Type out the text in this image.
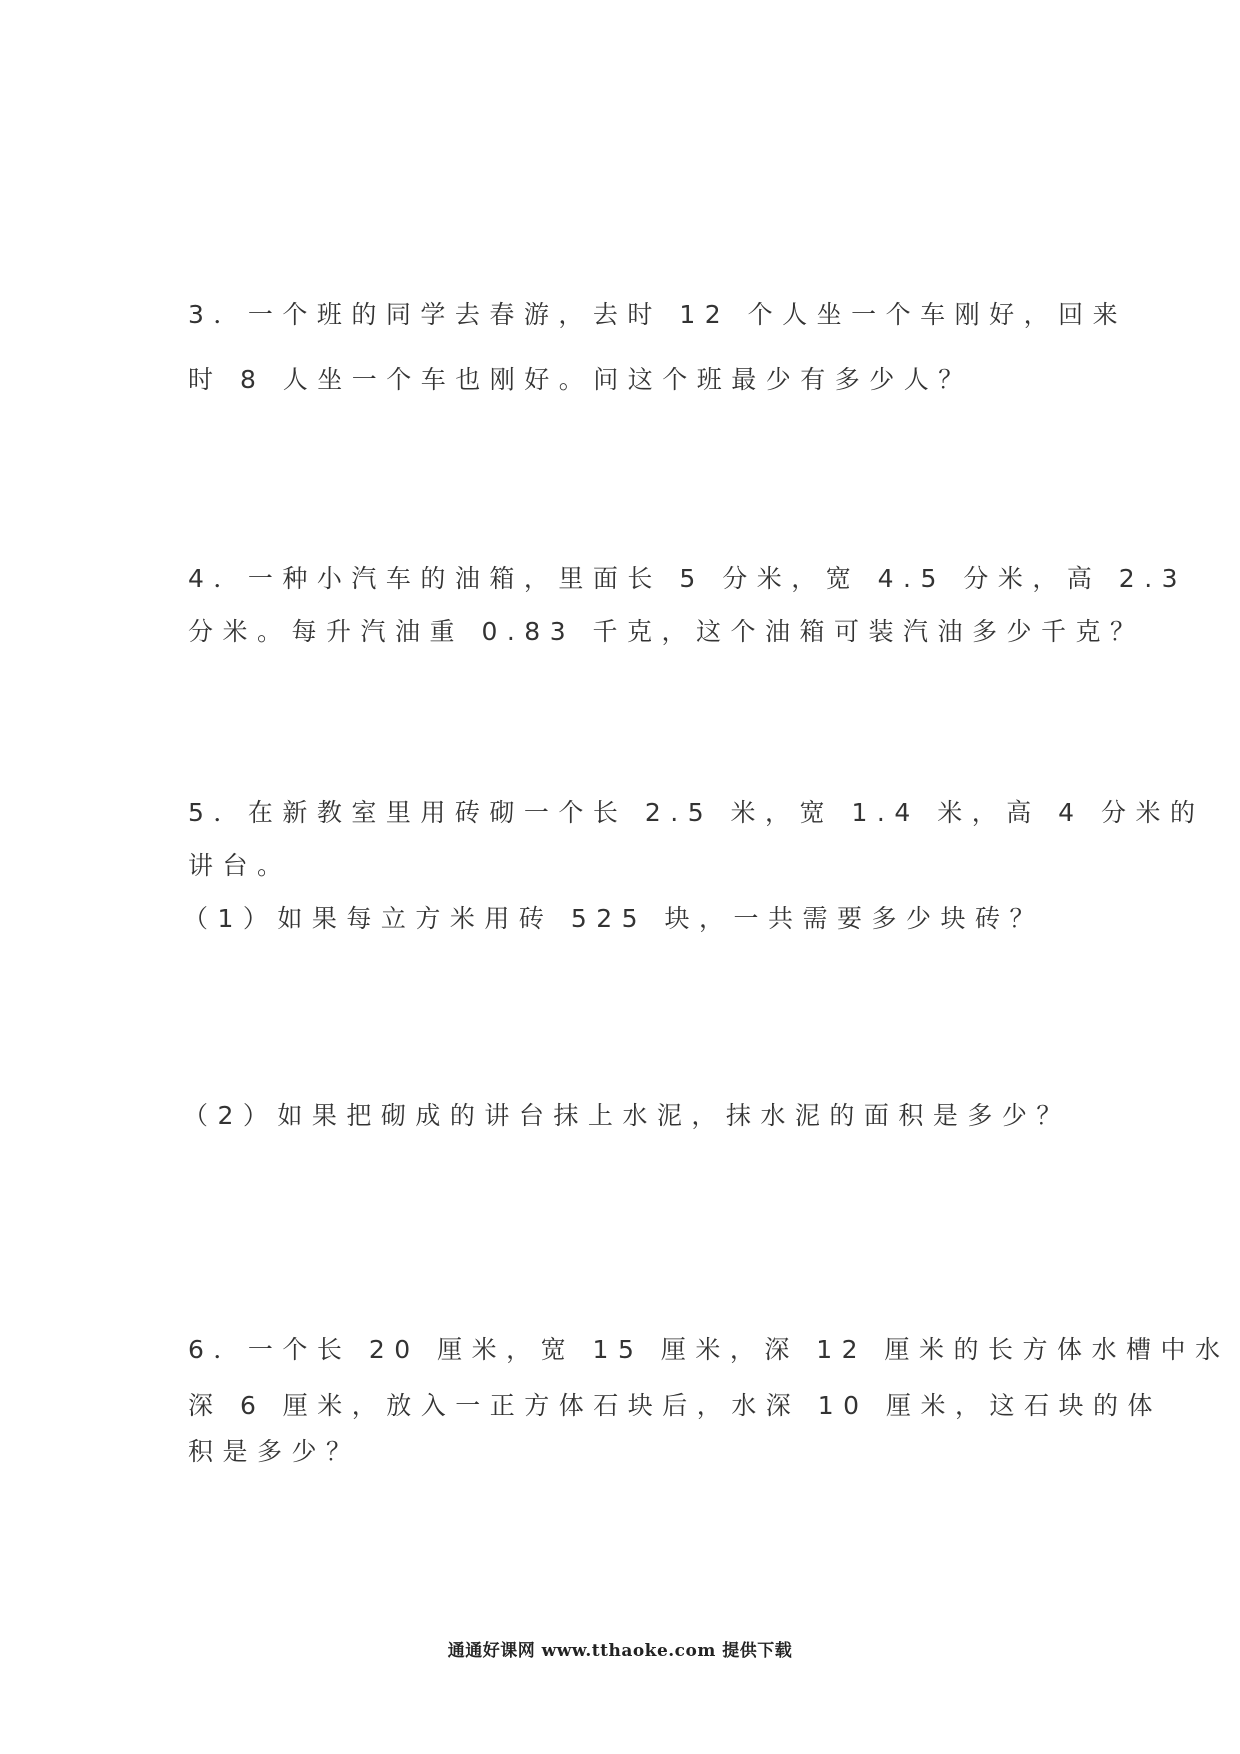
3．一个班的同学去春游，去时 12 个人坐一个车刚好，回来
时 8 人坐一个车也刚好。问这个班最少有多少人？
4．一种小汽车的油箱，里面长 5 分米，宽 4.5 分米，高 2.3
分米。每升汽油重 0.83 千克，这个油箱可装汽油多少千克？
5．在新教室里用砖砌一个长 2.5 米，宽 1.4 米，高 4 分米的
讲台。
（1）如果每立方米用砖 525 块，一共需要多少块砖？
（2）如果把砌成的讲台抹上水泥，抹水泥的面积是多少？
6．一个长 20 厘米，宽 15 厘米，深 12 厘米的长方体水槽中水
深 6 厘米，放入一正方体石块后，水深 10 厘米，这石块的体
积是多少？
通通好课网 www.tthaoke.com 提供下载
